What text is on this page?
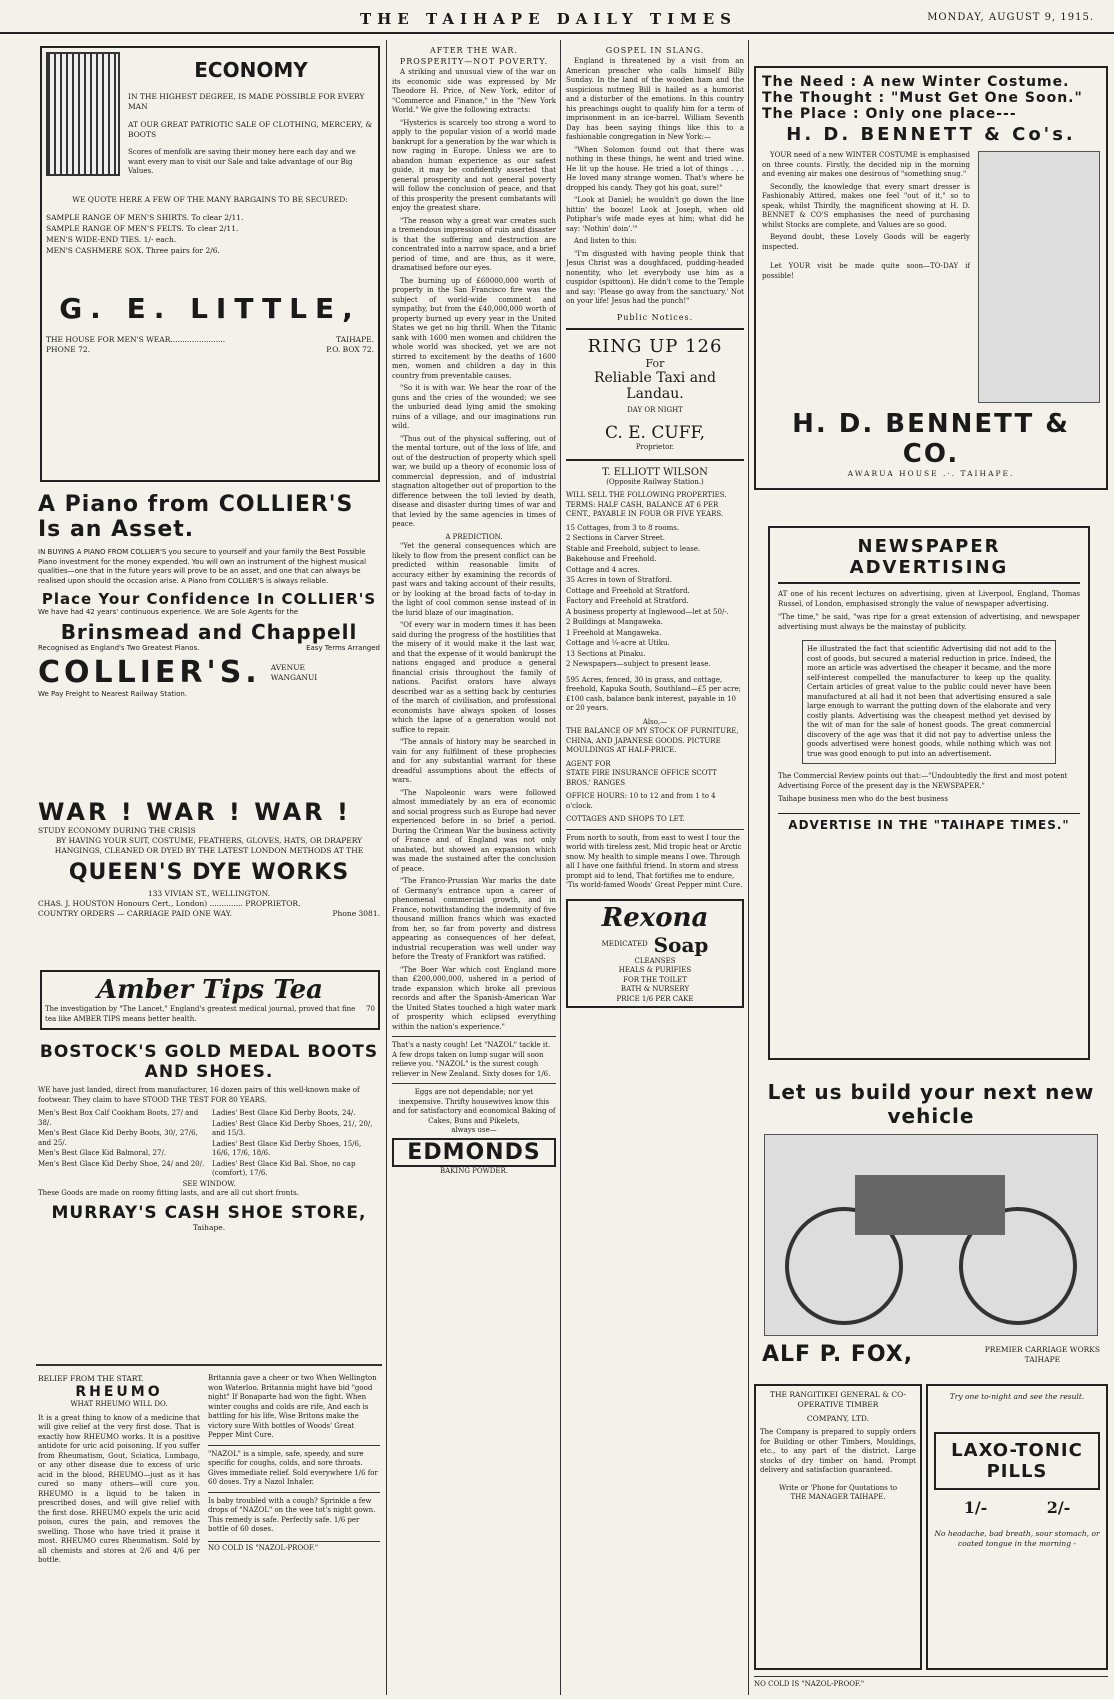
THE TAIHAPE DAILY TIMES	MONDAY, AUGUST 9, 1915.
ECONOMY
IN THE HIGHEST DEGREE, IS MADE POSSIBLE FOR EVERY MAN
AT OUR GREAT PATRIOTIC SALE OF CLOTHING, MERCERY, & BOOTS
Scores of menfolk are saving their money here each day and we want every man to visit our Sale and take advantage of our Big Values.
WE QUOTE HERE A FEW OF THE MANY BARGAINS TO BE SECURED:
SAMPLE RANGE OF MEN'S SHIRTS. To clear 2/11.
SAMPLE RANGE OF MEN'S FELTS. To clear 2/11.
MEN'S WIDE-END TIES. 1/- each.
MEN'S CASHMERE SOX. Three pairs for 2/6.
G. E. LITTLE,
THE HOUSE FOR MEN'S WEAR.......................	TAIHAPE.
PHONE 72.	P.O. BOX 72.
A Piano from COLLIER'S
Is an Asset.
IN BUYING A PIANO FROM COLLIER'S you secure to yourself and your family the Best Possible Piano investment for the money expended. You will own an instrument of the highest musical qualities—one that in the future years will prove to be an asset, and one that can always be realised upon should the occasion arise. A Piano from COLLIER'S is always reliable.
Place Your Confidence In COLLIER'S
We have had 42 years' continuous experience. We are Sole Agents for the
Brinsmead and Chappell
Recognised as England's Two Greatest Pianos.	Easy Terms Arranged
COLLIER'S. AVENUE
WANGANUI
We Pay Freight to Nearest Railway Station.
WAR ! WAR ! WAR !
STUDY ECONOMY DURING THE CRISIS
BY HAVING YOUR SUIT, COSTUME, FEATHERS, GLOVES, HATS, OR DRAPERY HANGINGS, CLEANED OR DYED BY THE LATEST LONDON METHODS AT THE
QUEEN'S DYE WORKS
133 VIVIAN ST., WELLINGTON.
CHAS. J. HOUSTON Honours Cert., London) .............. PROPRIETOR.
COUNTRY ORDERS — CARRIAGE PAID ONE WAY.	Phone 3081.
Amber Tips Tea
The investigation by "The Lancet," England's greatest medical journal, proved that fine tea like AMBER TIPS means better health.
70
BOSTOCK'S GOLD MEDAL BOOTS
AND SHOES.
WE have just landed, direct from manufacturer, 16 dozen pairs of this well-known make of footwear. They claim to have STOOD THE TEST FOR 80 YEARS.
Men's Best Box Calf Cookham Boots, 27/ and 38/.
Men's Best Glace Kid Derby Boots, 30/, 27/6, and 25/.
Men's Best Glace Kid Balmoral, 27/.
Men's Best Glace Kid Derby Shoe, 24/ and 20/.
Ladies' Best Glace Kid Derby Boots, 24/.
Ladies' Best Glace Kid Derby Shoes, 21/, 20/, and 15/3.
Ladies' Best Glace Kid Derby Shoes, 15/6, 16/6, 17/6, 18/6.
Ladies' Best Glace Kid Bal. Shoe, no cap (comfort), 17/6.
SEE WINDOW.
These Goods are made on roomy fitting lasts, and are all cut short fronts.
MURRAY'S CASH SHOE STORE,
Taihape.
RELIEF FROM THE START.
RHEUMO
WHAT RHEUMO WILL DO.
It is a great thing to know of a medicine that will give relief at the very first dose. That is exactly how RHEUMO works. It is a positive antidote for uric acid poisoning. If you suffer from Rheumatism, Gout, Sciatica, Lumbago, or any other disease due to excess of uric acid in the blood, RHEUMO—just as it has cured so many others—will cure you. RHEUMO is a liquid to be taken in prescribed doses, and will give relief with the first dose. RHEUMO expels the uric acid poison, cures the pain, and removes the swelling. Those who have tried it praise it most. RHEUMO cures Rheumatism. Sold by all chemists and stores at 2/6 and 4/6 per bottle.
Britannia gave a cheer or two When Wellington won Waterloo. Britannia might have bid "good night" If Bonaparte had won the fight. When winter coughs and colds are rife, And each is battling for his life, Wise Britons make the victory sure With bottles of Woods' Great Pepper Mint Cure.
"NAZOL" is a simple, safe, speedy, and sure specific for coughs, colds, and sore throats. Gives immediate relief. Sold everywhere 1/6 for 60 doses. Try a Nazol Inhaler.
Is baby troubled with a cough? Sprinkle a few drops of "NAZOL" on the wee tot's night gown. This remedy is safe. Perfectly safe. 1/6 per bottle of 60 doses.
NO COLD IS "NAZOL-PROOF."
AFTER THE WAR.
PROSPERITY—NOT POVERTY.

A striking and unusual view of the war on its economic side was expressed by Mr Theodore H. Price, of New York, editor of "Commerce and Finance," in the "New York World." We give the following extracts:

"Hysterics is scarcely too strong a word to apply to the popular vision of a world made bankrupt for a generation by the war which is now raging in Europe. Unless we are to abandon human experience as our safest guide, it may be confidently asserted that general prosperity and not general poverty will follow the conclusion of peace, and that of this prosperity the present combatants will enjoy the greatest share.

"The reason why a great war creates such a tremendous impression of ruin and disaster is that the suffering and destruction are concentrated into a narrow space, and a brief period of time, and are thus, as it were, dramatised before our eyes.

The burning up of £60000,000 worth of property in the San Francisco fire was the subject of world-wide comment and sympathy, but from the £40,000,000 worth of property burned up every year in the United States we get no big thrill. When the Titanic sank with 1600 men women and children the whole world was shocked, yet we are not stirred to excitement by the deaths of 1600 men, women and children a day in this country from preventable causes.

"So it is with war. We hear the roar of the guns and the cries of the wounded; we see the unburied dead lying amid the smoking ruins of a village, and our imaginations run wild.

"Thus out of the physical suffering, out of the mental torture, out of the loss of life, and out of the destruction of property which spell war, we build up a theory of economic loss of commercial depression, and of industrial stagnation altogether out of proportion to the difference between the toll levied by death, disease and disaster during times of war and that levied by the same agencies in times of peace.

A PREDICTION.

"Yet the general consequences which are likely to flow from the present conflict can be predicted within reasonable limits of accuracy either by examining the records of past wars and taking account of their results, or by looking at the broad facts of to-day in the light of cool common sense instead of in the lurid blaze of our imagination.

"Of every war in modern times it has been said during the progress of the hostilities that the misery of it would make it the last war, and that the expense of it would bankrupt the nations engaged and produce a general financial crisis throughout the family of nations. Pacifist orators have always described war as a setting back by centuries of the march of civilisation, and professional economists have always spoken of losses which the lapse of a generation would not suffice to repair.

"The annals of history may be searched in vain for any fulfilment of these prophecies and for any substantial warrant for these dreadful assumptions about the effects of wars.

"The Napoleonic wars were followed almost immediately by an era of economic and social progress such as Europe had never experienced before in so brief a period. During the Crimean War the business activity of France and of England was not only unabated, but showed an expansion which was made the sustained after the conclusion of peace.

"The Franco-Prussian War marks the date of Germany's entrance upon a career of phenomenal commercial growth, and in France, notwithstanding the indemnity of five thousand million francs which was exacted from her, so far from poverty and distress appearing as consequences of her defeat, industrial recuperation was well under way before the Treaty of Frankfort was ratified.

"The Boer War which cost England more than £200,000,000, ushered in a period of trade expansion which broke all previous records and after the Spanish-American War the United States touched a high water mark of prosperity which eclipsed everything within the nation's experience."

That's a nasty cough! Let "NAZOL" tackle it. A few drops taken on lump sugar will soon relieve you. "NAZOL" is the surest cough reliever in New Zealand. Sixty doses for 1/6.
Eggs are not dependable; nor yet inexpensive. Thrifty housewives know this and for satisfactory and economical Baking of Cakes, Buns and Pikelets,
always use—
EDMONDS
BAKING POWDER.
GOSPEL IN SLANG.

England is threatened by a visit from an American preacher who calls himself Billy Sunday. In the land of the wooden ham and the suspicious nutmeg Bill is hailed as a humorist and a disturber of the emotions. In this country his preachings ought to qualify him for a term of imprisonment in an ice-barrel. William Seventh Day has been saying things like this to a fashionable congregation in New York:—

"When Solomon found out that there was nothing in these things, he went and tried wine. He lit up the house. He tried a lot of things . . . He loved many strange women. That's where he dropped his candy. They got his goat, sure!"

"Look at Daniel; he wouldn't go down the line hittin' the booze! Look at Joseph, when old Potiphar's wife made eyes at him; what did he say: 'Nothin' doin'.'"

And listen to this:

"I'm disgusted with having people think that Jesus Christ was a doughfaced, pudding-headed nonentity, who let everybody use him as a cuspidor (spittoon). He didn't come to the Temple and say: 'Please go away from the sanctuary.' Not on your life! Jesus had the punch!"

Public Notices.
RING UP 126
For
Reliable Taxi and Landau.
DAY OR NIGHT
C. E. CUFF,
Proprietor.
T. ELLIOTT WILSON
(Opposite Railway Station.)
WILL SELL THE FOLLOWING PROPERTIES. TERMS: HALF CASH, BALANCE AT 6 PER CENT., PAYABLE IN FOUR OR FIVE YEARS.
15 Cottages, from 3 to 8 rooms.
2 Sections in Carver Street.
Stable and Freehold, subject to lease.
Bakehouse and Freehold.
Cottage and 4 acres.
35 Acres in town of Stratford.
Cottage and Freehold at Stratford.
Factory and Freehold at Stratford.
A business property at Inglewood—let at 50/-.
2 Buildings at Mangaweka.
1 Freehold at Mangaweka.
Cottage and ¼-acre at Utiku.
13 Sections at Pinaku.
2 Newspapers—subject to present lease.
595 Acres, fenced, 30 in grass, and cottage, freehold, Kapuka South, Southland—£5 per acre; £100 cash, balance bank interest, payable in 10 or 20 years.
Also,—
THE BALANCE OF MY STOCK OF FURNITURE, CHINA, AND JAPANESE GOODS. PICTURE MOULDINGS AT HALF-PRICE.
AGENT FOR
STATE FIRE INSURANCE OFFICE SCOTT BROS.' RANGES
OFFICE HOURS: 10 to 12 and from 1 to 4 o'clock.
COTTAGES AND SHOPS TO LET.
From north to south, from east to west I tour the world with tireless zest, Mid tropic heat or Arctic snow. My health to simple means I owe. Through all I have one faithful friend. In storm and stress prompt aid to lend, That fortifies me to endure, 'Tis world-famed Woods' Great Pepper mint Cure.
Rexona
MEDICATED Soap
CLEANSES
HEALS & PURIFIES
FOR THE TOILET
BATH & NURSERY
PRICE 1/6 PER CAKE
The Need : A new Winter Costume.
The Thought : "Must Get One Soon."
The Place : Only one place---
H. D. BENNETT & Co's.

YOUR need of a new WINTER COSTUME is emphasised on three counts. Firstly, the decided nip in the morning and evening air makes one desirous of "something snug."

Secondly, the knowledge that every smart dresser is Fashionably Attired, makes one feel "out of it," so to speak, whilst Thirdly, the magnificent showing at H. D. BENNET & CO'S emphasises the need of purchasing whilst Stocks are complete, and Values are so good.

Beyond doubt, these Lovely Goods will be eagerly inspected.

Let YOUR visit be made quite soon—TO-DAY if possible!

H. D. BENNETT & CO.
AWARUA HOUSE .·. TAIHAPE.
NEWSPAPER ADVERTISING
AT one of his recent lectures on advertising, given at Liverpool, England, Thomas Russel, of London, emphasised strongly the value of newspaper advertising.
"The time," he said, "was ripe for a great extension of advertising, and newspaper advertising must always be the mainstay of publicity.
He illustrated the fact that scientific Advertising did not add to the cost of goods, but secured a material reduction in price. Indeed, the more an article was advertised the cheaper it became, and the more self-interest compelled the manufacturer to keep up the quality. Certain articles of great value to the public could never have been manufactured at all had it not been that advertising ensured a sale large enough to warrant the putting down of the elaborate and very costly plants. Advertising was the cheapest method yet devised by the wit of man for the sale of honest goods. The great commercial discovery of the age was that it did not pay to advertise unless the goods advertised were honest goods, while nothing which was not true was good enough to put into an advertisement.
The Commercial Review points out that:—"Undoubtedly the first and most potent Advertising Force of the present day is the NEWSPAPER."
Taihape business men who do the best business
ADVERTISE IN THE "TAIHAPE TIMES."
Let us build your next new vehicle
ALF P. FOX,	PREMIER CARRIAGE WORKS
TAIHAPE
THE RANGITIKEI GENERAL & CO-OPERATIVE TIMBER
COMPANY, LTD.
The Company is prepared to supply orders for Building or other Timbers, Mouldings, etc., to any part of the district. Large stocks of dry timber on hand. Prompt delivery and satisfaction guaranteed.
Write or 'Phone for Quotations to
THE MANAGER TAIHAPE.
Try one to-night and see the result.
LAXO-TONIC PILLS
1/-	2/-
No headache, bad breath, sour stomach, or coated tongue in the morning -
NO COLD IS "NAZOL-PROOF."
